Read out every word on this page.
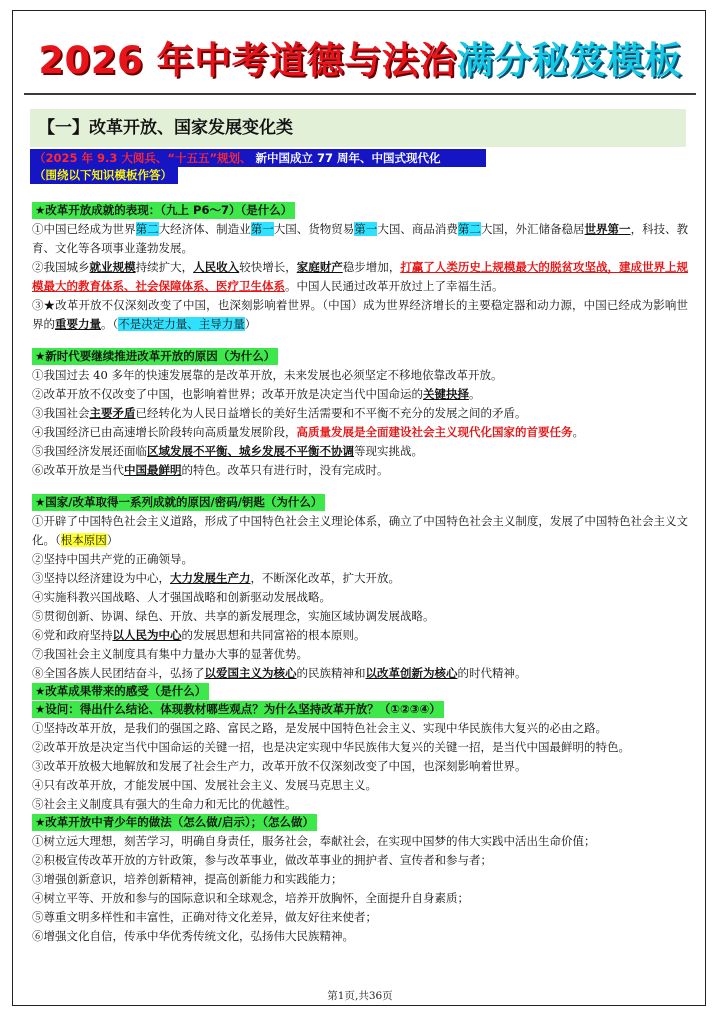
2026 年中考道德与法治满分秘笈模板
【一】改革开放、国家发展变化类
（2025 年 9.3 大阅兵、“十五五”规划、 新中国成立 77 周年、中国式现代化
（围绕以下知识模板作答）
★改革开放成就的表现：（九上 P6～7）（是什么）

①中国已经成为世界第二大经济体、制造业第一大国、货物贸易第一大国、商品消费第二大国，外汇储备稳居世界第一，科技、教育、文化等各项事业蓬勃发展。

②我国城乡就业规模持续扩大，人民收入较快增长，家庭财产稳步增加，打赢了人类历史上规模最大的脱贫攻坚战，建成世界上规模最大的教育体系、社会保障体系、医疗卫生体系。中国人民通过改革开放过上了幸福生活。

③★改革开放不仅深刻改变了中国，也深刻影响着世界。（中国）成为世界经济增长的主要稳定器和动力源，中国已经成为影响世界的重要力量。（不是决定力量、主导力量）

★新时代要继续推进改革开放的原因（为什么）

①我国过去 40 多年的快速发展靠的是改革开放，未来发展也必须坚定不移地依靠改革开放。

②改革开放不仅改变了中国，也影响着世界；改革开放是决定当代中国命运的关键抉择。

③我国社会主要矛盾已经转化为人民日益增长的美好生活需要和不平衡不充分的发展之间的矛盾。

④我国经济已由高速增长阶段转向高质量发展阶段，高质量发展是全面建设社会主义现代化国家的首要任务。

⑤我国经济发展还面临区域发展不平衡、城乡发展不平衡不协调等现实挑战。

⑥改革开放是当代中国最鲜明的特色。改革只有进行时，没有完成时。

★国家/改革取得一系列成就的原因/密码/钥匙（为什么）

①开辟了中国特色社会主义道路，形成了中国特色社会主义理论体系，确立了中国特色社会主义制度，发展了中国特色社会主义文化。（根本原因）

②坚持中国共产党的正确领导。

③坚持以经济建设为中心，大力发展生产力，不断深化改革，扩大开放。

④实施科教兴国战略、人才强国战略和创新驱动发展战略。

⑤贯彻创新、协调、绿色、开放、共享的新发展理念，实施区域协调发展战略。

⑥党和政府坚持以人民为中心的发展思想和共同富裕的根本原则。

⑦我国社会主义制度具有集中力量办大事的显著优势。

⑧全国各族人民团结奋斗，弘扬了以爱国主义为核心的民族精神和以改革创新为核心的时代精神。

★改革成果带来的感受（是什么）
★设问：得出什么结论、体现教材哪些观点？为什么坚持改革开放？（①②③④）

①坚持改革开放，是我们的强国之路、富民之路，是发展中国特色社会主义、实现中华民族伟大复兴的必由之路。

②改革开放是决定当代中国命运的关键一招，也是决定实现中华民族伟大复兴的关键一招，是当代中国最鲜明的特色。

③改革开放极大地解放和发展了社会生产力，改革开放不仅深刻改变了中国，也深刻影响着世界。

④只有改革开放，才能发展中国、发展社会主义、发展马克思主义。

⑤社会主义制度具有强大的生命力和无比的优越性。

★改革开放中青少年的做法（怎么做/启示）；（怎么做）

①树立远大理想，刻苦学习，明确自身责任，服务社会，奉献社会，在实现中国梦的伟大实践中活出生命价值；

②积极宣传改革开放的方针政策，参与改革事业，做改革事业的拥护者、宣传者和参与者；

③增强创新意识，培养创新精神，提高创新能力和实践能力；

④树立平等、开放和参与的国际意识和全球观念，培养开放胸怀，全面提升自身素质；

⑤尊重文明多样性和丰富性，正确对待文化差异，做友好往来使者；

⑥增强文化自信，传承中华优秀传统文化，弘扬伟大民族精神。

第1页,共36页
